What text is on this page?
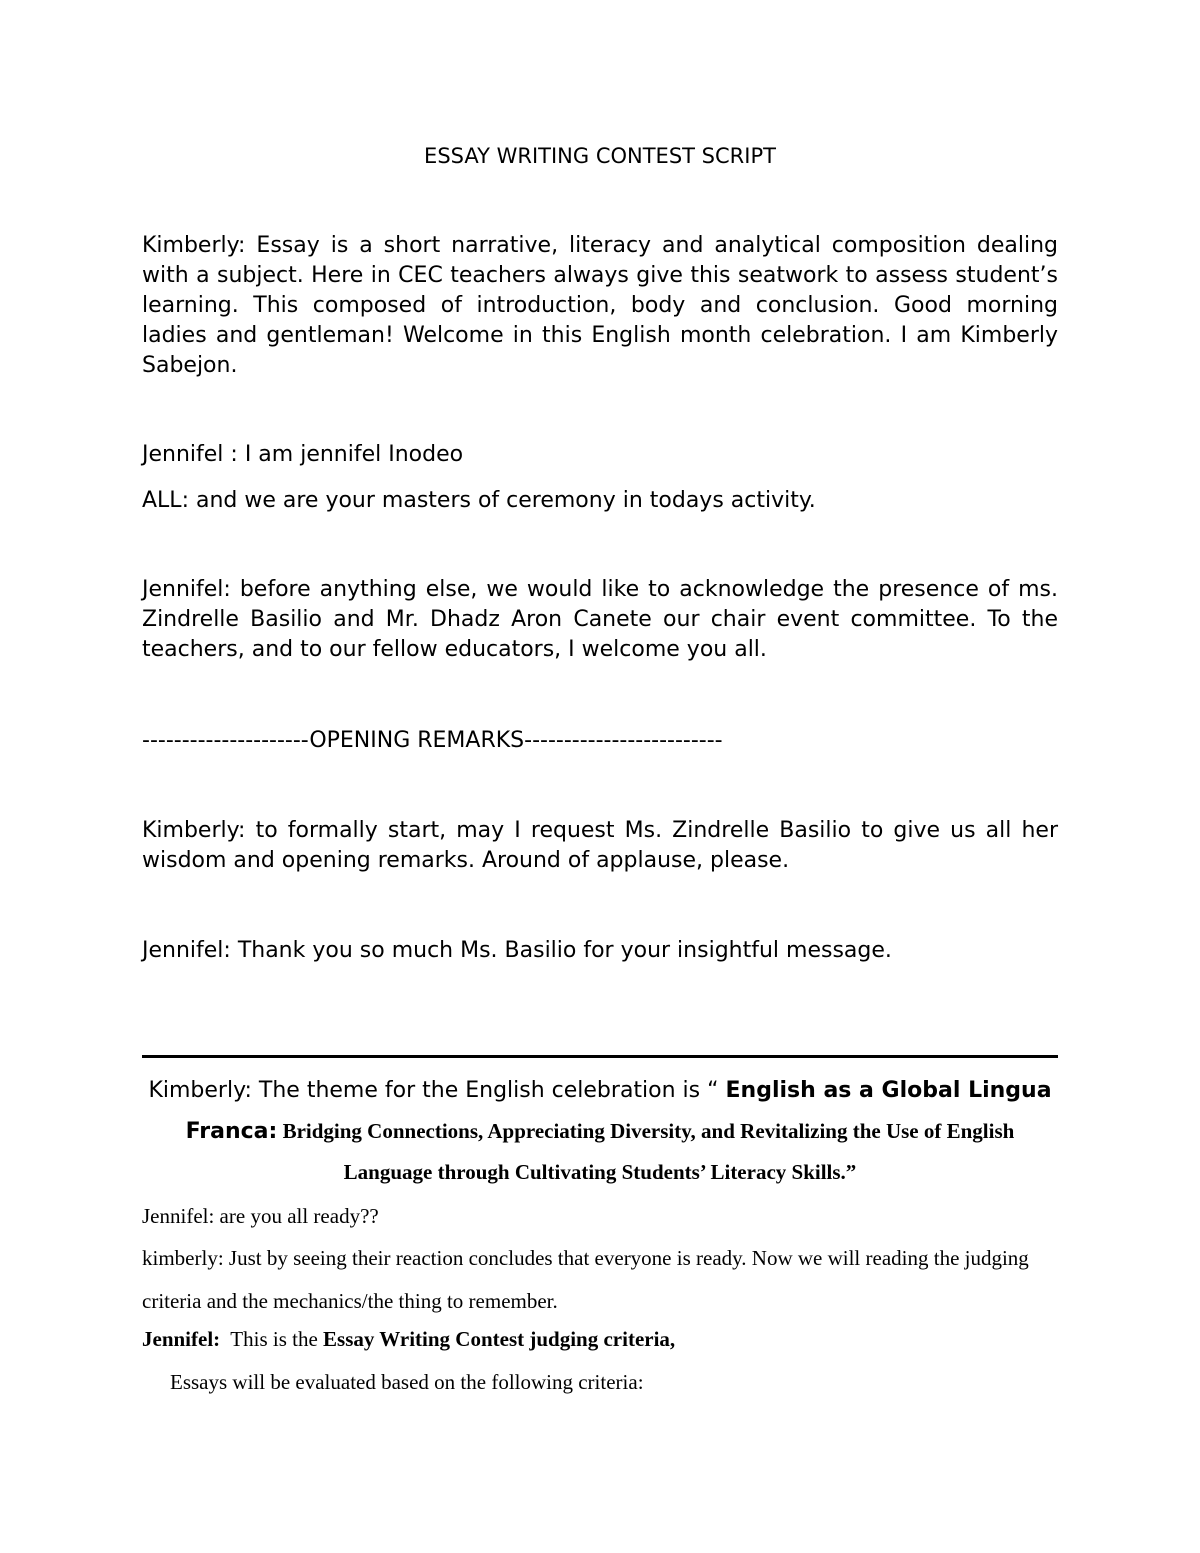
ESSAY WRITING CONTEST SCRIPT

Kimberly: Essay is a short narrative, literacy and analytical composition dealing with a subject. Here in CEC teachers always give this seatwork to assess student’s learning. This composed of introduction, body and conclusion. Good morning ladies and gentleman! Welcome in this English month celebration. I am Kimberly Sabejon.

Jennifel : I am jennifel Inodeo

ALL: and we are your masters of ceremony in todays activity.

Jennifel: before anything else, we would like to acknowledge the presence of ms. Zindrelle Basilio and Mr. Dhadz Aron Canete our chair event committee. To the teachers, and to our fellow educators, I welcome you all.

---------------------OPENING REMARKS-------------------------

Kimberly: to formally start, may I request Ms. Zindrelle Basilio to give us all her wisdom and opening remarks. Around of applause, please.

Jennifel: Thank you so much Ms. Basilio for your insightful message.

Kimberly: The theme for the English celebration is “ English as a Global Lingua Franca: Bridging Connections, Appreciating Diversity, and Revitalizing the Use of English Language through Cultivating Students’ Literacy Skills.”
Jennifel: are you all ready??
kimberly: Just by seeing their reaction concludes that everyone is ready. Now we will reading the judging criteria and the mechanics/the thing to remember.
Jennifel:  This is the Essay Writing Contest judging criteria,
Essays will be evaluated based on the following criteria:
